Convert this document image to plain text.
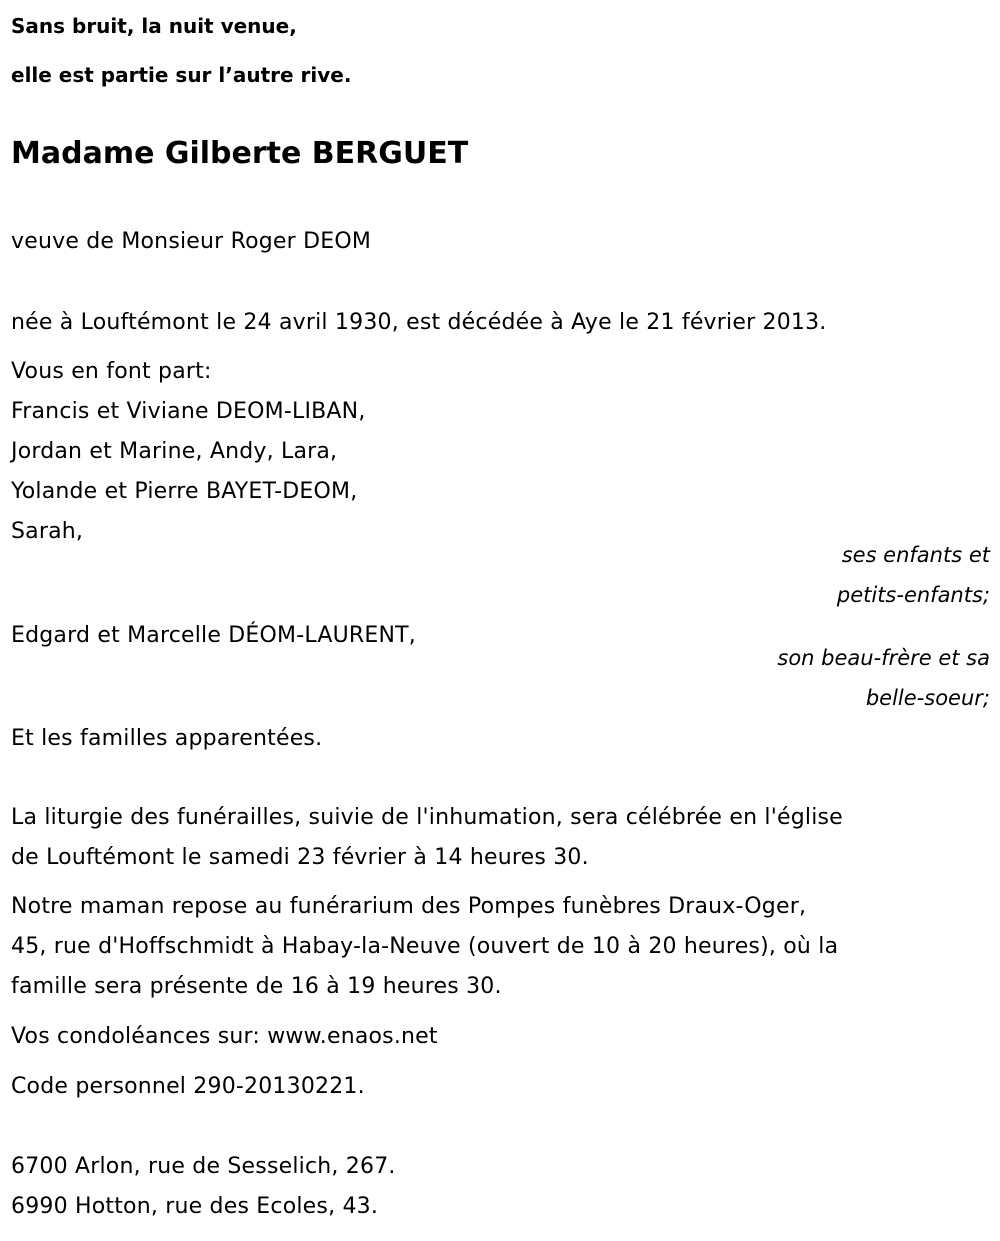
Sans bruit, la nuit venue,
elle est partie sur l’autre rive.
Madame Gilberte BERGUET
veuve de Monsieur Roger DEOM
née à Louftémont le 24 avril 1930, est décédée à Aye le 21 février 2013.
Vous en font part:
Francis et Viviane DEOM-LIBAN,
Jordan et Marine, Andy, Lara,
Yolande et Pierre BAYET-DEOM,
Sarah,
ses enfants et
petits-enfants;
Edgard et Marcelle DÉOM-LAURENT,
son beau-frère et sa
belle-soeur;
Et les familles apparentées.
La liturgie des funérailles, suivie de l'inhumation, sera célébrée en l'église
de Louftémont le samedi 23 février à 14 heures 30.
Notre maman repose au funérarium des Pompes funèbres Draux-Oger,
45, rue d'Hoffschmidt à Habay-la-Neuve (ouvert de 10 à 20 heures), où la
famille sera présente de 16 à 19 heures 30.
Vos condoléances sur: www.enaos.net
Code personnel 290-20130221.
6700 Arlon, rue de Sesselich, 267.
6990 Hotton, rue des Ecoles, 43.
